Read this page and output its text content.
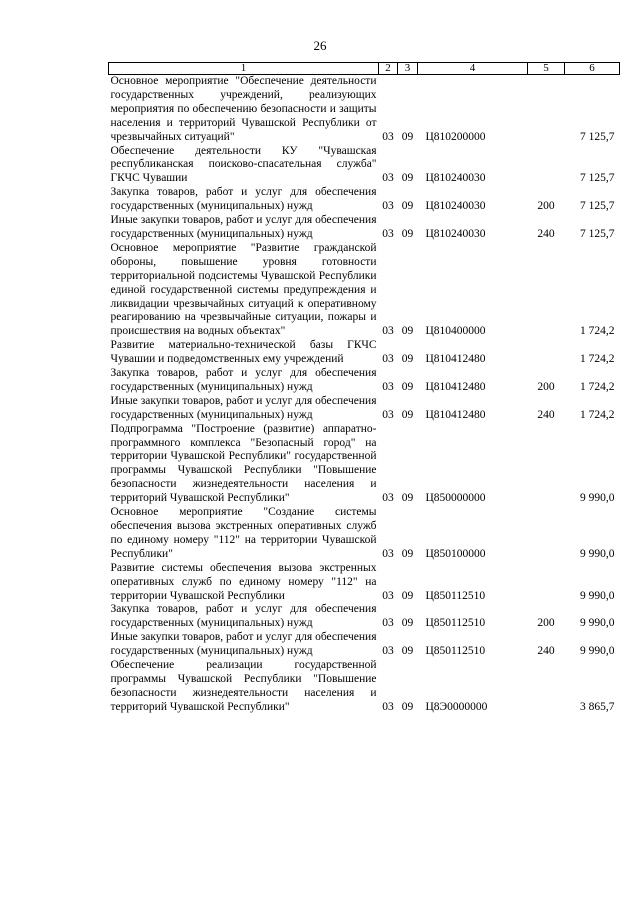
26
1	2	3	4	5	6
Основное мероприятие "Обеспечение деятельности государственных учреждений, реализующих мероприятия по обеспечению безопасности и защиты населения и территорий Чувашской Республики от чрезвычайных ситуаций"	03	09	Ц810200000		7 125,7
Обеспечение деятельности КУ "Чувашская республиканская поисково-спасательная служба" ГКЧС Чувашии	03	09	Ц810240030		7 125,7
Закупка товаров, работ и услуг для обеспечения государственных (муниципальных) нужд	03	09	Ц810240030	200	7 125,7
Иные закупки товаров, работ и услуг для обеспечения государственных (муниципальных) нужд	03	09	Ц810240030	240	7 125,7
Основное мероприятие "Развитие гражданской обороны, повышение уровня готовности территориальной подсистемы Чувашской Республики единой государственной системы предупреждения и ликвидации чрезвычайных ситуаций к оперативному реагированию на чрезвычайные ситуации, пожары и происшествия на водных объектах"	03	09	Ц810400000		1 724,2
Развитие материально-технической базы ГКЧС Чувашии и подведомственных ему учреждений	03	09	Ц810412480		1 724,2
Закупка товаров, работ и услуг для обеспечения государственных (муниципальных) нужд	03	09	Ц810412480	200	1 724,2
Иные закупки товаров, работ и услуг для обеспечения государственных (муниципальных) нужд	03	09	Ц810412480	240	1 724,2
Подпрограмма "Построение (развитие) аппаратно-программного комплекса "Безопасный город" на территории Чувашской Республики" государственной программы Чувашской Республики "Повышение безопасности жизнедеятельности населения и территорий Чувашской Республики"	03	09	Ц850000000		9 990,0
Основное мероприятие "Создание системы обеспечения вызова экстренных оперативных служб по единому номеру "112" на территории Чувашской Республики"	03	09	Ц850100000		9 990,0
Развитие системы обеспечения вызова экстренных оперативных служб по единому номеру "112" на территории Чувашской Республики	03	09	Ц850112510		9 990,0
Закупка товаров, работ и услуг для обеспечения государственных (муниципальных) нужд	03	09	Ц850112510	200	9 990,0
Иные закупки товаров, работ и услуг для обеспечения государственных (муниципальных) нужд	03	09	Ц850112510	240	9 990,0
Обеспечение реализации государственной программы Чувашской Республики "Повышение безопасности жизнедеятельности населения и территорий Чувашской Республики"	03	09	Ц8Э0000000		3 865,7
